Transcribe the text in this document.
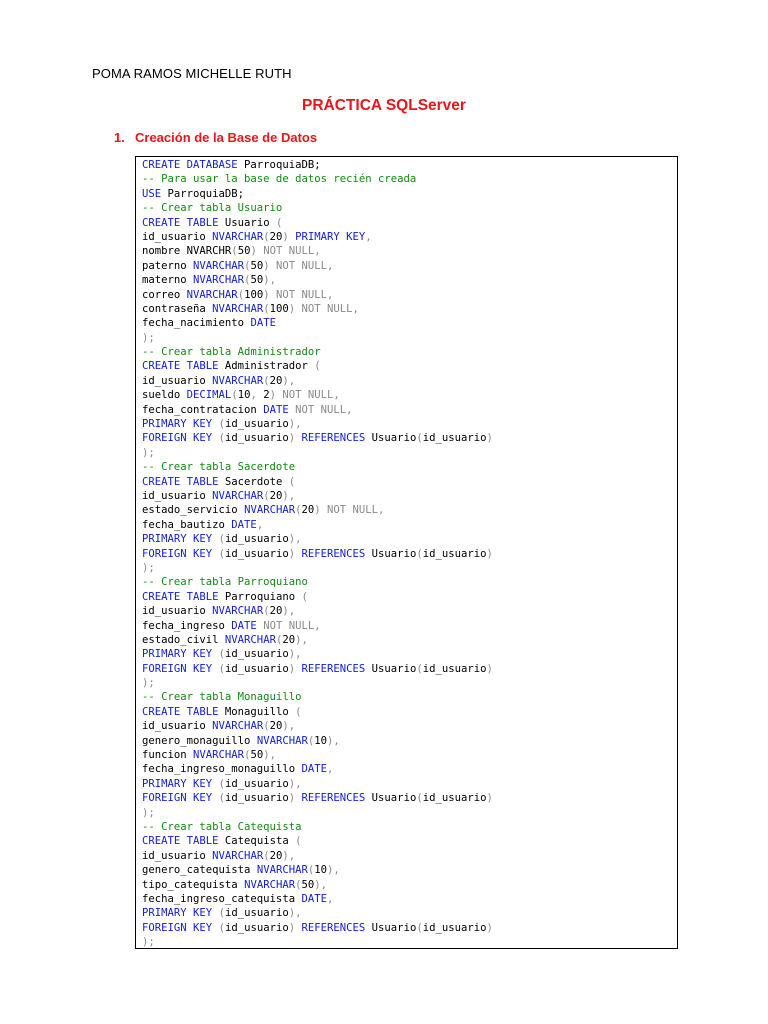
POMA RAMOS MICHELLE RUTH
PRÁCTICA SQLServer
1. Creación de la Base de Datos
CREATE DATABASE ParroquiaDB;
-- Para usar la base de datos recién creada
USE ParroquiaDB;
-- Crear tabla Usuario
CREATE TABLE Usuario (
id_usuario NVARCHAR(20) PRIMARY KEY,
nombre NVARCHR(50) NOT NULL,
paterno NVARCHAR(50) NOT NULL,
materno NVARCHAR(50),
correo NVARCHAR(100) NOT NULL,
contraseña NVARCHAR(100) NOT NULL,
fecha_nacimiento DATE
);
-- Crear tabla Administrador
CREATE TABLE Administrador (
id_usuario NVARCHAR(20),
sueldo DECIMAL(10, 2) NOT NULL,
fecha_contratacion DATE NOT NULL,
PRIMARY KEY (id_usuario),
FOREIGN KEY (id_usuario) REFERENCES Usuario(id_usuario)
);
-- Crear tabla Sacerdote
CREATE TABLE Sacerdote (
id_usuario NVARCHAR(20),
estado_servicio NVARCHAR(20) NOT NULL,
fecha_bautizo DATE,
PRIMARY KEY (id_usuario),
FOREIGN KEY (id_usuario) REFERENCES Usuario(id_usuario)
);
-- Crear tabla Parroquiano
CREATE TABLE Parroquiano (
id_usuario NVARCHAR(20),
fecha_ingreso DATE NOT NULL,
estado_civil NVARCHAR(20),
PRIMARY KEY (id_usuario),
FOREIGN KEY (id_usuario) REFERENCES Usuario(id_usuario)
);
-- Crear tabla Monaguillo
CREATE TABLE Monaguillo (
id_usuario NVARCHAR(20),
genero_monaguillo NVARCHAR(10),
funcion NVARCHAR(50),
fecha_ingreso_monaguillo DATE,
PRIMARY KEY (id_usuario),
FOREIGN KEY (id_usuario) REFERENCES Usuario(id_usuario)
);
-- Crear tabla Catequista
CREATE TABLE Catequista (
id_usuario NVARCHAR(20),
genero_catequista NVARCHAR(10),
tipo_catequista NVARCHAR(50),
fecha_ingreso_catequista DATE,
PRIMARY KEY (id_usuario),
FOREIGN KEY (id_usuario) REFERENCES Usuario(id_usuario)
);
